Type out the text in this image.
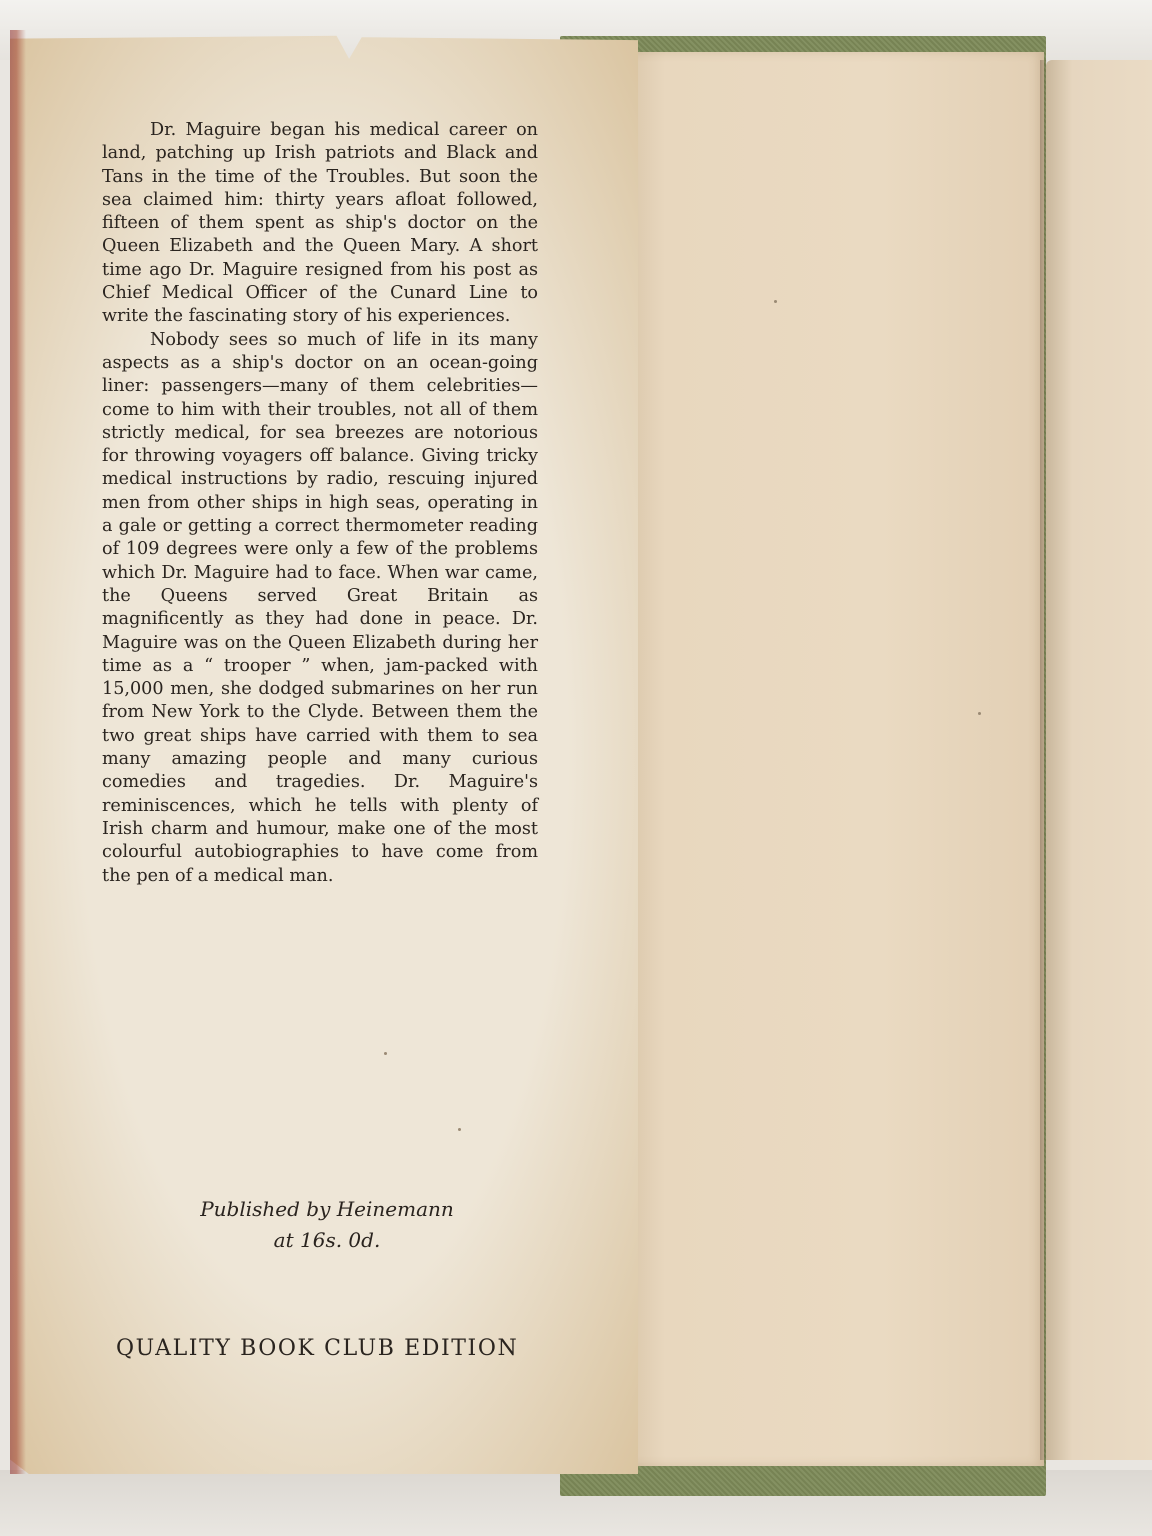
Dr. Maguire began his medical career on land, patching up Irish patriots and Black and Tans in the time of the Troubles. But soon the sea claimed him: thirty years afloat followed, fifteen of them spent as ship's doctor on the Queen Elizabeth and the Queen Mary. A short time ago Dr. Maguire resigned from his post as Chief Medical Officer of the Cunard Line to write the fascinating story of his experiences.

Nobody sees so much of life in its many aspects as a ship's doctor on an ocean-going liner: passengers—many of them celebrities—come to him with their troubles, not all of them strictly medical, for sea breezes are notorious for throwing voyagers off balance. Giving tricky medical instructions by radio, rescuing injured men from other ships in high seas, operating in a gale or getting a correct thermometer reading of 109 degrees were only a few of the problems which Dr. Maguire had to face. When war came, the Queens served Great Britain as magnificently as they had done in peace. Dr. Maguire was on the Queen Elizabeth during her time as a “ trooper ” when, jam-packed with 15,000 men, she dodged submarines on her run from New York to the Clyde. Between them the two great ships have carried with them to sea many amazing people and many curious comedies and tragedies. Dr. Maguire's reminiscences, which he tells with plenty of Irish charm and humour, make one of the most colourful autobiographies to have come from the pen of a medical man.

Published by Heinemann
at 16s. 0d.
QUALITY BOOK CLUB EDITION
